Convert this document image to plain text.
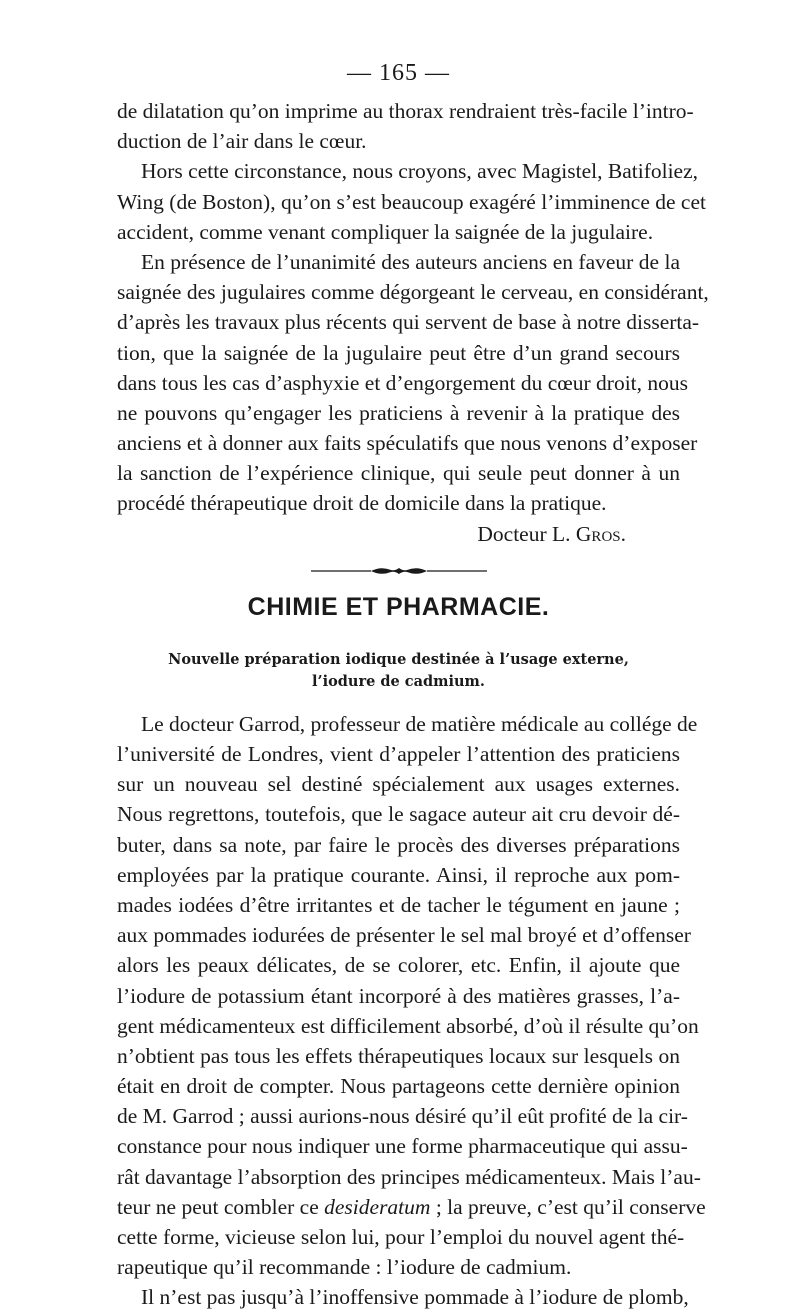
— 165 —
de dilatation qu’on imprime au thorax rendraient très-facile l’intro-
duction de l’air dans le cœur.
Hors cette circonstance, nous croyons, avec Magistel, Batifoliez,
Wing (de Boston), qu’on s’est beaucoup exagéré l’imminence de cet
accident, comme venant compliquer la saignée de la jugulaire.
En présence de l’unanimité des auteurs anciens en faveur de la
saignée des jugulaires comme dégorgeant le cerveau, en considérant,
d’après les travaux plus récents qui servent de base à notre disserta-
tion, que la saignée de la jugulaire peut être d’un grand secours
dans tous les cas d’asphyxie et d’engorgement du cœur droit, nous
ne pouvons qu’engager les praticiens à revenir à la pratique des
anciens et à donner aux faits spéculatifs que nous venons d’exposer
la sanction de l’expérience clinique, qui seule peut donner à un
procédé thérapeutique droit de domicile dans la pratique.
Docteur L. Gros.
CHIMIE ET PHARMACIE.
Nouvelle préparation iodique destinée à l’usage externe,
l’iodure de cadmium.
Le docteur Garrod, professeur de matière médicale au collége de
l’université de Londres, vient d’appeler l’attention des praticiens
sur un nouveau sel destiné spécialement aux usages externes.
Nous regrettons, toutefois, que le sagace auteur ait cru devoir dé-
buter, dans sa note, par faire le procès des diverses préparations
employées par la pratique courante. Ainsi, il reproche aux pom-
mades iodées d’être irritantes et de tacher le tégument en jaune ;
aux pommades iodurées de présenter le sel mal broyé et d’offenser
alors les peaux délicates, de se colorer, etc. Enfin, il ajoute que
l’iodure de potassium étant incorporé à des matières grasses, l’a-
gent médicamenteux est difficilement absorbé, d’où il résulte qu’on
n’obtient pas tous les effets thérapeutiques locaux sur lesquels on
était en droit de compter. Nous partageons cette dernière opinion
de M. Garrod ; aussi aurions-nous désiré qu’il eût profité de la cir-
constance pour nous indiquer une forme pharmaceutique qui assu-
rât davantage l’absorption des principes médicamenteux. Mais l’au-
teur ne peut combler ce desideratum ; la preuve, c’est qu’il conserve
cette forme, vicieuse selon lui, pour l’emploi du nouvel agent thé-
rapeutique qu’il recommande : l’iodure de cadmium.
Il n’est pas jusqu’à l’inoffensive pommade à l’iodure de plomb,
